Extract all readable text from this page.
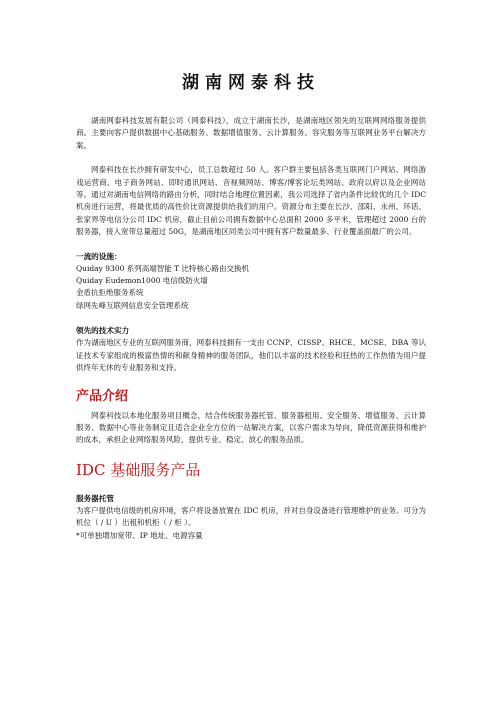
湖南网泰科技

湖南网泰科技发展有限公司（网泰科技），成立于湖南长沙，是湖南地区领先的互联网网络服务提供商。主要向客户提供数据中心基础服务、数据增值服务、云计算服务、容灾服务等互联网业务平台解决方案。

网泰科技在长沙拥有研发中心，员工总数超过 50 人。客户群主要包括各类互联网门户网站、网络游戏运营商、电子商务网站、即时通讯网站、音视频网站、博客/博客论坛类网站、政府以府以及企业网站等。通过对湖南电信网络的路由分析，同时结合地理位置因素，我公司选择了省内条件比较优的几个 IDC 机房进行运营，将最优质的高性价比资源提供给我们的用户。资源分布主要在长沙、邵阳、永州、环话、张家界等电信分公司 IDC 机房，截止目前公司拥有数据中心总面积 2000 多平米，管理超过 2000 台的服务器，接入宽带总量超过 50G，是湖南地区同类公司中拥有客户数量最多、行业覆盖面最广的公司。

一流的设施：

Quiday 9300 系列高端智能 T 比特核心路由交换机

Quiday Eudemon1000 电信级防火墙

金盾抗拒绝服务系统

绿网先峰互联网信息安全管理系统

领先的技术实力

作为湖南地区专业的互联网服务商，网泰科技拥有一支由 CCNP、CISSP、RHCE、MCSE、DBA 等认证技术专家组成的极富热情的和献身精神的服务团队，他们以丰富的技术经验和狂热的工作热情为用户提供终年无休的专业服务和支持。

产品介绍

网泰科技以本地化服务项目概念，结合传统服务器托管、服务器租用、安全服务、增值服务、云计算服务、数据中心等业务制定且适合企业全方位的一站解决方案，以客户需求为导向，降低资源获得和维护的成本，承担企业网络服务风险，提供专业、稳定、放心的服务品质。

IDC 基础服务产品

服务器托管

为客户提供电信级的机房环境，客户将设备放置在 IDC 机房，并对自身设备进行管理维护的业务。可分为机位（ / U ）出租和机柜（ / 柜 ）。

*可单独增加宽带、IP 地址、电源容量
